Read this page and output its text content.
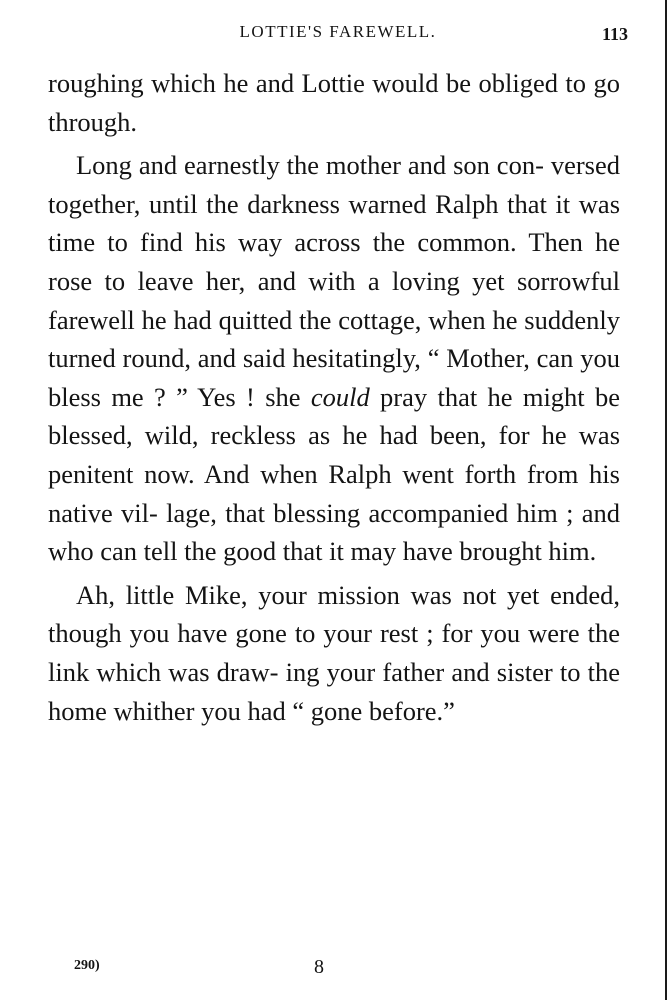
LOTTIE'S FAREWELL.	113

roughing which he and Lottie would be obliged to go through.

Long and earnestly the mother and son con- versed together, until the darkness warned Ralph that it was time to find his way across the common. Then he rose to leave her, and with a loving yet sorrowful farewell he had quitted the cottage, when he suddenly turned round, and said hesitatingly, “ Mother, can you bless me ? ” Yes ! she could pray that he might be blessed, wild, reckless as he had been, for he was penitent now. And when Ralph went forth from his native vil- lage, that blessing accompanied him ; and who can tell the good that it may have brought him.

Ah, little Mike, your mission was not yet ended, though you have gone to your rest ; for you were the link which was draw- ing your father and sister to the home whither you had “ gone before.”

290)	8
